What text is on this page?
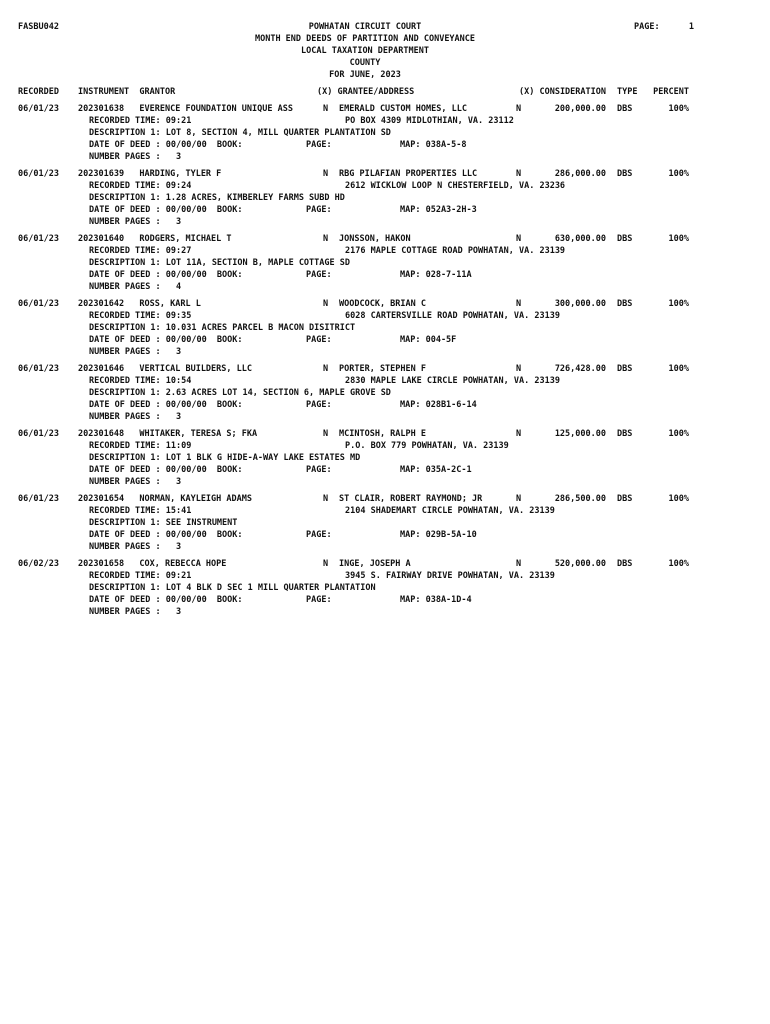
FASBU042	POWHATAN CIRCUIT COURT
MONTH END DEEDS OF PARTITION AND CONVEYANCE
LOCAL TAXATION DEPARTMENT
COUNTY
FOR JUNE, 2023
PAGE:	1
RECORDED INSTRUMENT  GRANTOR	(X) GRANTEE/ADDRESS	(X) CONSIDERATION TYPE	PERCENT
06/01/23 202301638   EVERENCE FOUNDATION UNIQUE ASS	N EMERALD CUSTOM HOMES, LLC	N	200,000.00 DBS	100%
RECORDED TIME: 09:21	PO BOX 4309 MIDLOTHIAN, VA. 23112
DESCRIPTION 1: LOT 8, SECTION 4, MILL QUARTER PLANTATION SD
DATE OF DEED : 00/00/00  BOOK:	PAGE:	MAP: 038A-5-8
NUMBER PAGES :   3
06/01/23 202301639   HARDING, TYLER F	N RBG PILAFIAN PROPERTIES LLC	N	286,000.00 DBS	100%
RECORDED TIME: 09:24	2612 WICKLOW LOOP N CHESTERFIELD, VA. 23236
DESCRIPTION 1: 1.28 ACRES, KIMBERLEY FARMS SUBD HD
DATE OF DEED : 00/00/00  BOOK:	PAGE:	MAP: 052A3-2H-3
NUMBER PAGES :   3
06/01/23 202301640   RODGERS, MICHAEL T	N JONSSON, HAKON	N	630,000.00 DBS	100%
RECORDED TIME: 09:27	2176 MAPLE COTTAGE ROAD POWHATAN, VA. 23139
DESCRIPTION 1: LOT 11A, SECTION B, MAPLE COTTAGE SD
DATE OF DEED : 00/00/00  BOOK:	PAGE:	MAP: 028-7-11A
NUMBER PAGES :   4
06/01/23 202301642   ROSS, KARL L	N WOODCOCK, BRIAN C	N	300,000.00 DBS	100%
RECORDED TIME: 09:35	6028 CARTERSVILLE ROAD POWHATAN, VA. 23139
DESCRIPTION 1: 10.031 ACRES PARCEL B MACON DISITRICT
DATE OF DEED : 00/00/00  BOOK:	PAGE:	MAP: 004-5F
NUMBER PAGES :   3
06/01/23 202301646   VERTICAL BUILDERS, LLC	N PORTER, STEPHEN F	N	726,428.00 DBS	100%
RECORDED TIME: 10:54	2830 MAPLE LAKE CIRCLE POWHATAN, VA. 23139
DESCRIPTION 1: 2.63 ACRES LOT 14, SECTION 6, MAPLE GROVE SD
DATE OF DEED : 00/00/00  BOOK:	PAGE:	MAP: 028B1-6-14
NUMBER PAGES :   3
06/01/23 202301648   WHITAKER, TERESA S; FKA	N MCINTOSH, RALPH E	N	125,000.00 DBS	100%
RECORDED TIME: 11:09	P.O. BOX 779 POWHATAN, VA. 23139
DESCRIPTION 1: LOT 1 BLK G HIDE-A-WAY LAKE ESTATES MD
DATE OF DEED : 00/00/00  BOOK:	PAGE:	MAP: 035A-2C-1
NUMBER PAGES :   3
06/01/23 202301654   NORMAN, KAYLEIGH ADAMS	N ST CLAIR, ROBERT RAYMOND; JR	N	286,500.00 DBS	100%
RECORDED TIME: 15:41	2104 SHADEMART CIRCLE POWHATAN, VA. 23139
DESCRIPTION 1: SEE INSTRUMENT
DATE OF DEED : 00/00/00  BOOK:	PAGE:	MAP: 029B-5A-10
NUMBER PAGES :   3
06/02/23 202301658   COX, REBECCA HOPE	N INGE, JOSEPH A	N	520,000.00 DBS	100%
RECORDED TIME: 09:21	3945 S. FAIRWAY DRIVE POWHATAN, VA. 23139
DESCRIPTION 1: LOT 4 BLK D SEC 1 MILL QUARTER PLANTATION
DATE OF DEED : 00/00/00  BOOK:	PAGE:	MAP: 038A-1D-4
NUMBER PAGES :   3
